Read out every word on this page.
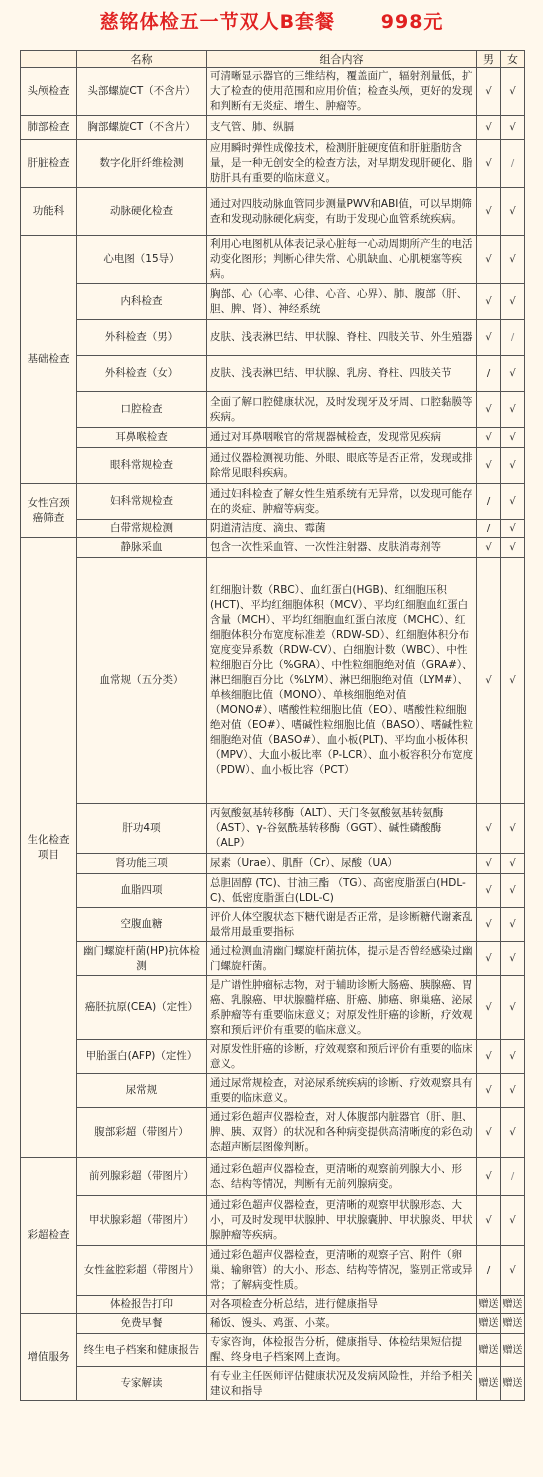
慈铭体检五一节双人B套餐      998元
	名称	组合内容	男	女
头颅检查	头部螺旋CT（不含片）	可清晰显示器官的三维结构，覆盖面广，辐射剂量低，扩大了检查的使用范围和应用价值；检查头颅，更好的发现和判断有无炎症、增生、肿瘤等。	√	√
肺部检查	胸部螺旋CT（不含片）	支气管、肺、纵膈	√	√
肝脏检查	数字化肝纤维检测	应用瞬时弹性成像技术，检测肝脏硬度值和肝脏脂肪含量，是一种无创安全的检查方法，对早期发现肝硬化、脂肪肝具有重要的临床意义。	√	/
功能科	动脉硬化检查	通过对四肢动脉血管同步测量PWV和ABI值，可以早期筛查和发现动脉硬化病变，有助于发现心血管系统疾病。	√	√
基础检查	心电图（15导）	利用心电图机从体表记录心脏每一心动周期所产生的电活动变化图形；判断心律失常、心肌缺血、心肌梗塞等疾病。	√	√
	内科检查	胸部、心（心率、心律、心音、心界）、肺、腹部（肝、胆、脾、肾）、神经系统	√	√
	外科检查（男）	皮肤、浅表淋巴结、甲状腺、脊柱、四肢关节、外生殖器	√	/
	外科检查（女）	皮肤、浅表淋巴结、甲状腺、乳房、脊柱、四肢关节	/	√
	口腔检查	全面了解口腔健康状况，及时发现牙及牙周、口腔黏膜等疾病。	√	√
	耳鼻喉检查	通过对耳鼻咽喉官的常规器械检查，发现常见疾病	√	√
	眼科常规检查	通过仪器检测视功能、外眼、眼底等是否正常，发现或排除常见眼科疾病。	√	√
女性宫颈癌筛查	妇科常规检查	通过妇科检查了解女性生殖系统有无异常，以发现可能存在的炎症、肿瘤等病变。	/	√
	白带常规检测	阴道清洁度、滴虫、霉菌	/	√
生化检查项目	静脉采血	包含一次性采血管、一次性注射器、皮肤消毒剂等	√	√
	血常规（五分类）	红细胞计数（RBC）、血红蛋白(HGB)、红细胞压积(HCT)、平均红细胞体积（MCV）、平均红细胞血红蛋白含量（MCH）、平均红细胞血红蛋白浓度（MCHC）、红细胞体积分布宽度标准差（RDW-SD）、红细胞体积分布宽度变异系数（RDW-CV）、白细胞计数（WBC）、中性粒细胞百分比（%GRA）、中性粒细胞绝对值（GRA#）、淋巴细胞百分比（%LYM）、淋巴细胞绝对值（LYM#）、单核细胞比值（MONO）、单核细胞绝对值（MONO#）、嗜酸性粒细胞比值（EO）、嗜酸性粒细胞绝对值（EO#）、嗜碱性粒细胞比值（BASO）、嗜碱性粒细胞绝对值（BASO#）、血小板(PLT)、平均血小板体积（MPV）、大血小板比率（P-LCR）、血小板容积分布宽度（PDW）、血小板比容（PCT）	√	√
	肝功4项	丙氨酸氨基转移酶（ALT）、天门冬氨酸氨基转氨酶（AST）、γ-谷氨酰基转移酶（GGT）、碱性磷酸酶（ALP）	√	√
	肾功能三项	尿素（Urae）、肌酐（Cr）、尿酸（UA）	√	√
	血脂四项	总胆固醇 (TC)、甘油三酯 （TG）、高密度脂蛋白(HDL-C)、低密度脂蛋白(LDL-C)	√	√
	空腹血糖	评价人体空腹状态下糖代谢是否正常，是诊断糖代谢紊乱最常用最重要指标	√	√
	幽门螺旋杆菌(HP)抗体检测	通过检测血清幽门螺旋杆菌抗体，提示是否曾经感染过幽门螺旋杆菌。	√	√
	癌胚抗原(CEA)（定性）	是广谱性肿瘤标志物，对于辅助诊断大肠癌、胰腺癌、胃癌、乳腺癌、甲状腺髓样癌、肝癌、肺癌、卵巢癌、泌尿系肿瘤等有重要临床意义；对原发性肝癌的诊断，疗效观察和预后评价有重要的临床意义。	√	√
	甲胎蛋白(AFP)（定性）	对原发性肝癌的诊断，疗效观察和预后评价有重要的临床意义。	√	√
	尿常规	通过尿常规检查，对泌尿系统疾病的诊断、疗效观察具有重要的临床意义。	√	√
	腹部彩超（带图片）	通过彩色超声仪器检查，对人体腹部内脏器官（肝、胆、脾、胰、双肾）的状况和各种病变提供高清晰度的彩色动态超声断层图像判断。	√	√
彩超检查	前列腺彩超（带图片）	通过彩色超声仪器检查，更清晰的观察前列腺大小、形态、结构等情况，判断有无前列腺病变。	√	/
	甲状腺彩超（带图片）	通过彩色超声仪器检查，更清晰的观察甲状腺形态、大小，可及时发现甲状腺肿、甲状腺囊肿、甲状腺炎、甲状腺肿瘤等疾病。	√	√
	女性盆腔彩超（带图片）	通过彩色超声仪器检查，更清晰的观察子宫、附件（卵巢、输卵管）的大小、形态、结构等情况，鉴别正常或异常；了解病变性质。	/	√
	体检报告打印	对各项检查分析总结，进行健康指导	赠送	赠送
增值服务	免费早餐	稀饭、馒头、鸡蛋、小菜。	赠送	赠送
	终生电子档案和健康报告	专家咨询，体检报告分析，健康指导、体检结果短信提醒、终身电子档案网上查询。	赠送	赠送
	专家解读	有专业主任医师评估健康状况及发病风险性，并给予相关建议和指导	赠送	赠送
